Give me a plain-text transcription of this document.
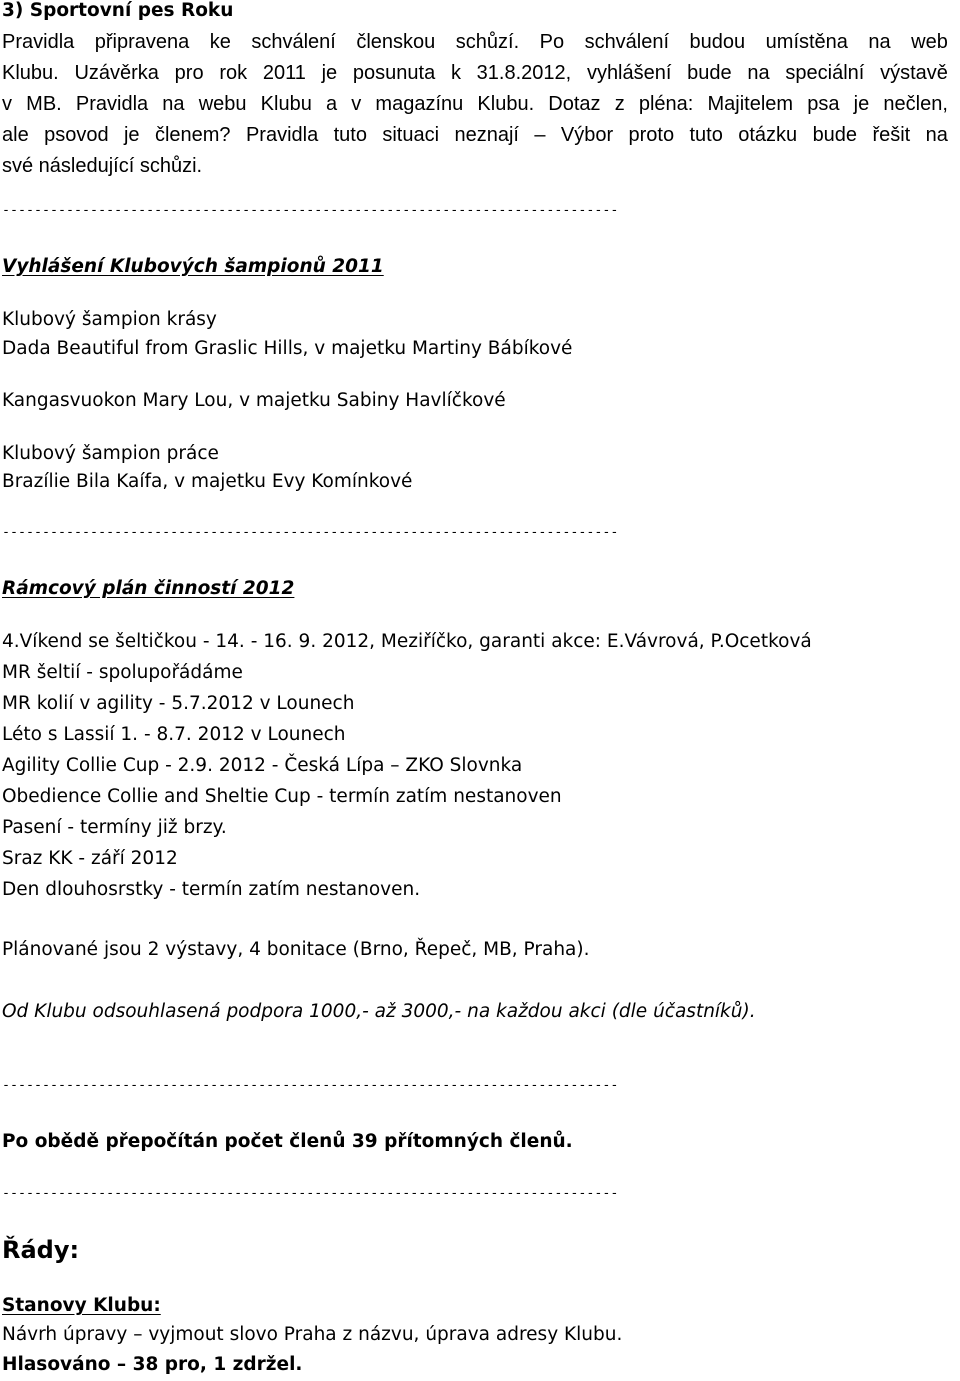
3) Sportovní pes Roku
Pravidla připravena ke schválení členskou schůzí. Po schválení budou umístěna na web
Klubu. Uzávěrka pro rok 2011 je posunuta k 31.8.2012, vyhlášení bude na speciální výstavě
v MB. Pravidla na webu Klubu a v magazínu Klubu. Dotaz z pléna: Majitelem psa je nečlen,
ale psovod je členem? Pravidla tuto situaci neznají – Výbor proto tuto otázku bude řešit na
své následující schůzi.
-----------------------------------------------------------------------------
Vyhlášení Klubových šampionů 2011
Klubový šampion krásy
Dada Beautiful from Graslic Hills, v majetku Martiny Bábíkové
Kangasvuokon Mary Lou, v majetku Sabiny Havlíčkové
Klubový šampion práce
Brazílie Bila Kaífa, v majetku Evy Komínkové
-----------------------------------------------------------------------------
Rámcový plán činností 2012
4.Víkend se šeltičkou - 14. - 16. 9. 2012, Meziříčko, garanti akce: E.Vávrová, P.Ocetková
MR šeltií - spolupořádáme
MR kolií v agility - 5.7.2012 v Lounech
Léto s Lassií 1. - 8.7. 2012 v Lounech
Agility Collie Cup - 2.9. 2012 - Česká Lípa – ZKO Slovnka
Obedience Collie and Sheltie Cup - termín zatím nestanoven
Pasení - termíny již brzy.
Sraz KK - září 2012
Den dlouhosrstky - termín zatím nestanoven.
Plánované jsou 2 výstavy, 4 bonitace (Brno, Řepeč, MB, Praha).
Od Klubu odsouhlasená podpora 1000,- až 3000,- na každou akci (dle účastníků).
-----------------------------------------------------------------------------
Po obědě přepočítán počet členů 39 přítomných členů.
-----------------------------------------------------------------------------
Řády:
Stanovy Klubu:
Návrh úpravy – vyjmout slovo Praha z názvu, úprava adresy Klubu.
Hlasováno – 38 pro, 1 zdržel.
